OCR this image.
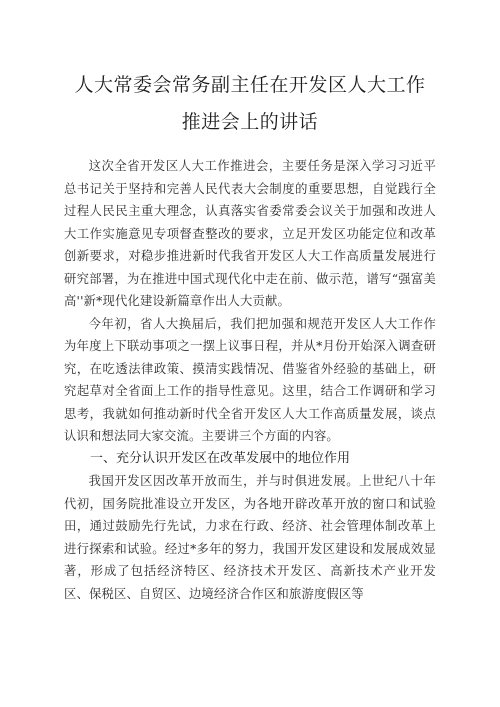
人大常委会常务副主任在开发区人大工作
推进会上的讲话

这次全省开发区人大工作推进会，主要任务是深入学习习近平总书记关于坚持和完善人民代表大会制度的重要思想，自觉践行全过程人民民主重大理念，认真落实省委常委会议关于加强和改进人大工作实施意见专项督查整改的要求，立足开发区功能定位和改革创新要求，对稳步推进新时代我省开发区人大工作高质量发展进行研究部署，为在推进中国式现代化中走在前、做示范，谱写“强富美高''新*现代化建设新篇章作出人大贡献。

今年初，省人大换届后，我们把加强和规范开发区人大工作作为年度上下联动事项之一摆上议事日程，并从*月份开始深入调查研究，在吃透法律政策、摸清实践情况、借鉴省外经验的基础上，研究起草对全省面上工作的指导性意见。这里，结合工作调研和学习思考，我就如何推动新时代全省开发区人大工作高质量发展，谈点认识和想法同大家交流。主要讲三个方面的内容。

一、充分认识开发区在改革发展中的地位作用

我国开发区因改革开放而生，并与时俱进发展。上世纪八十年代初，国务院批准设立开发区，为各地开辟改革开放的窗口和试验田，通过鼓励先行先试，力求在行政、经济、社会管理体制改革上进行探索和试验。经过*多年的努力，我国开发区建设和发展成效显著，形成了包括经济特区、经济技术开发区、高新技术产业开发区、保税区、自贸区、边境经济合作区和旅游度假区等
